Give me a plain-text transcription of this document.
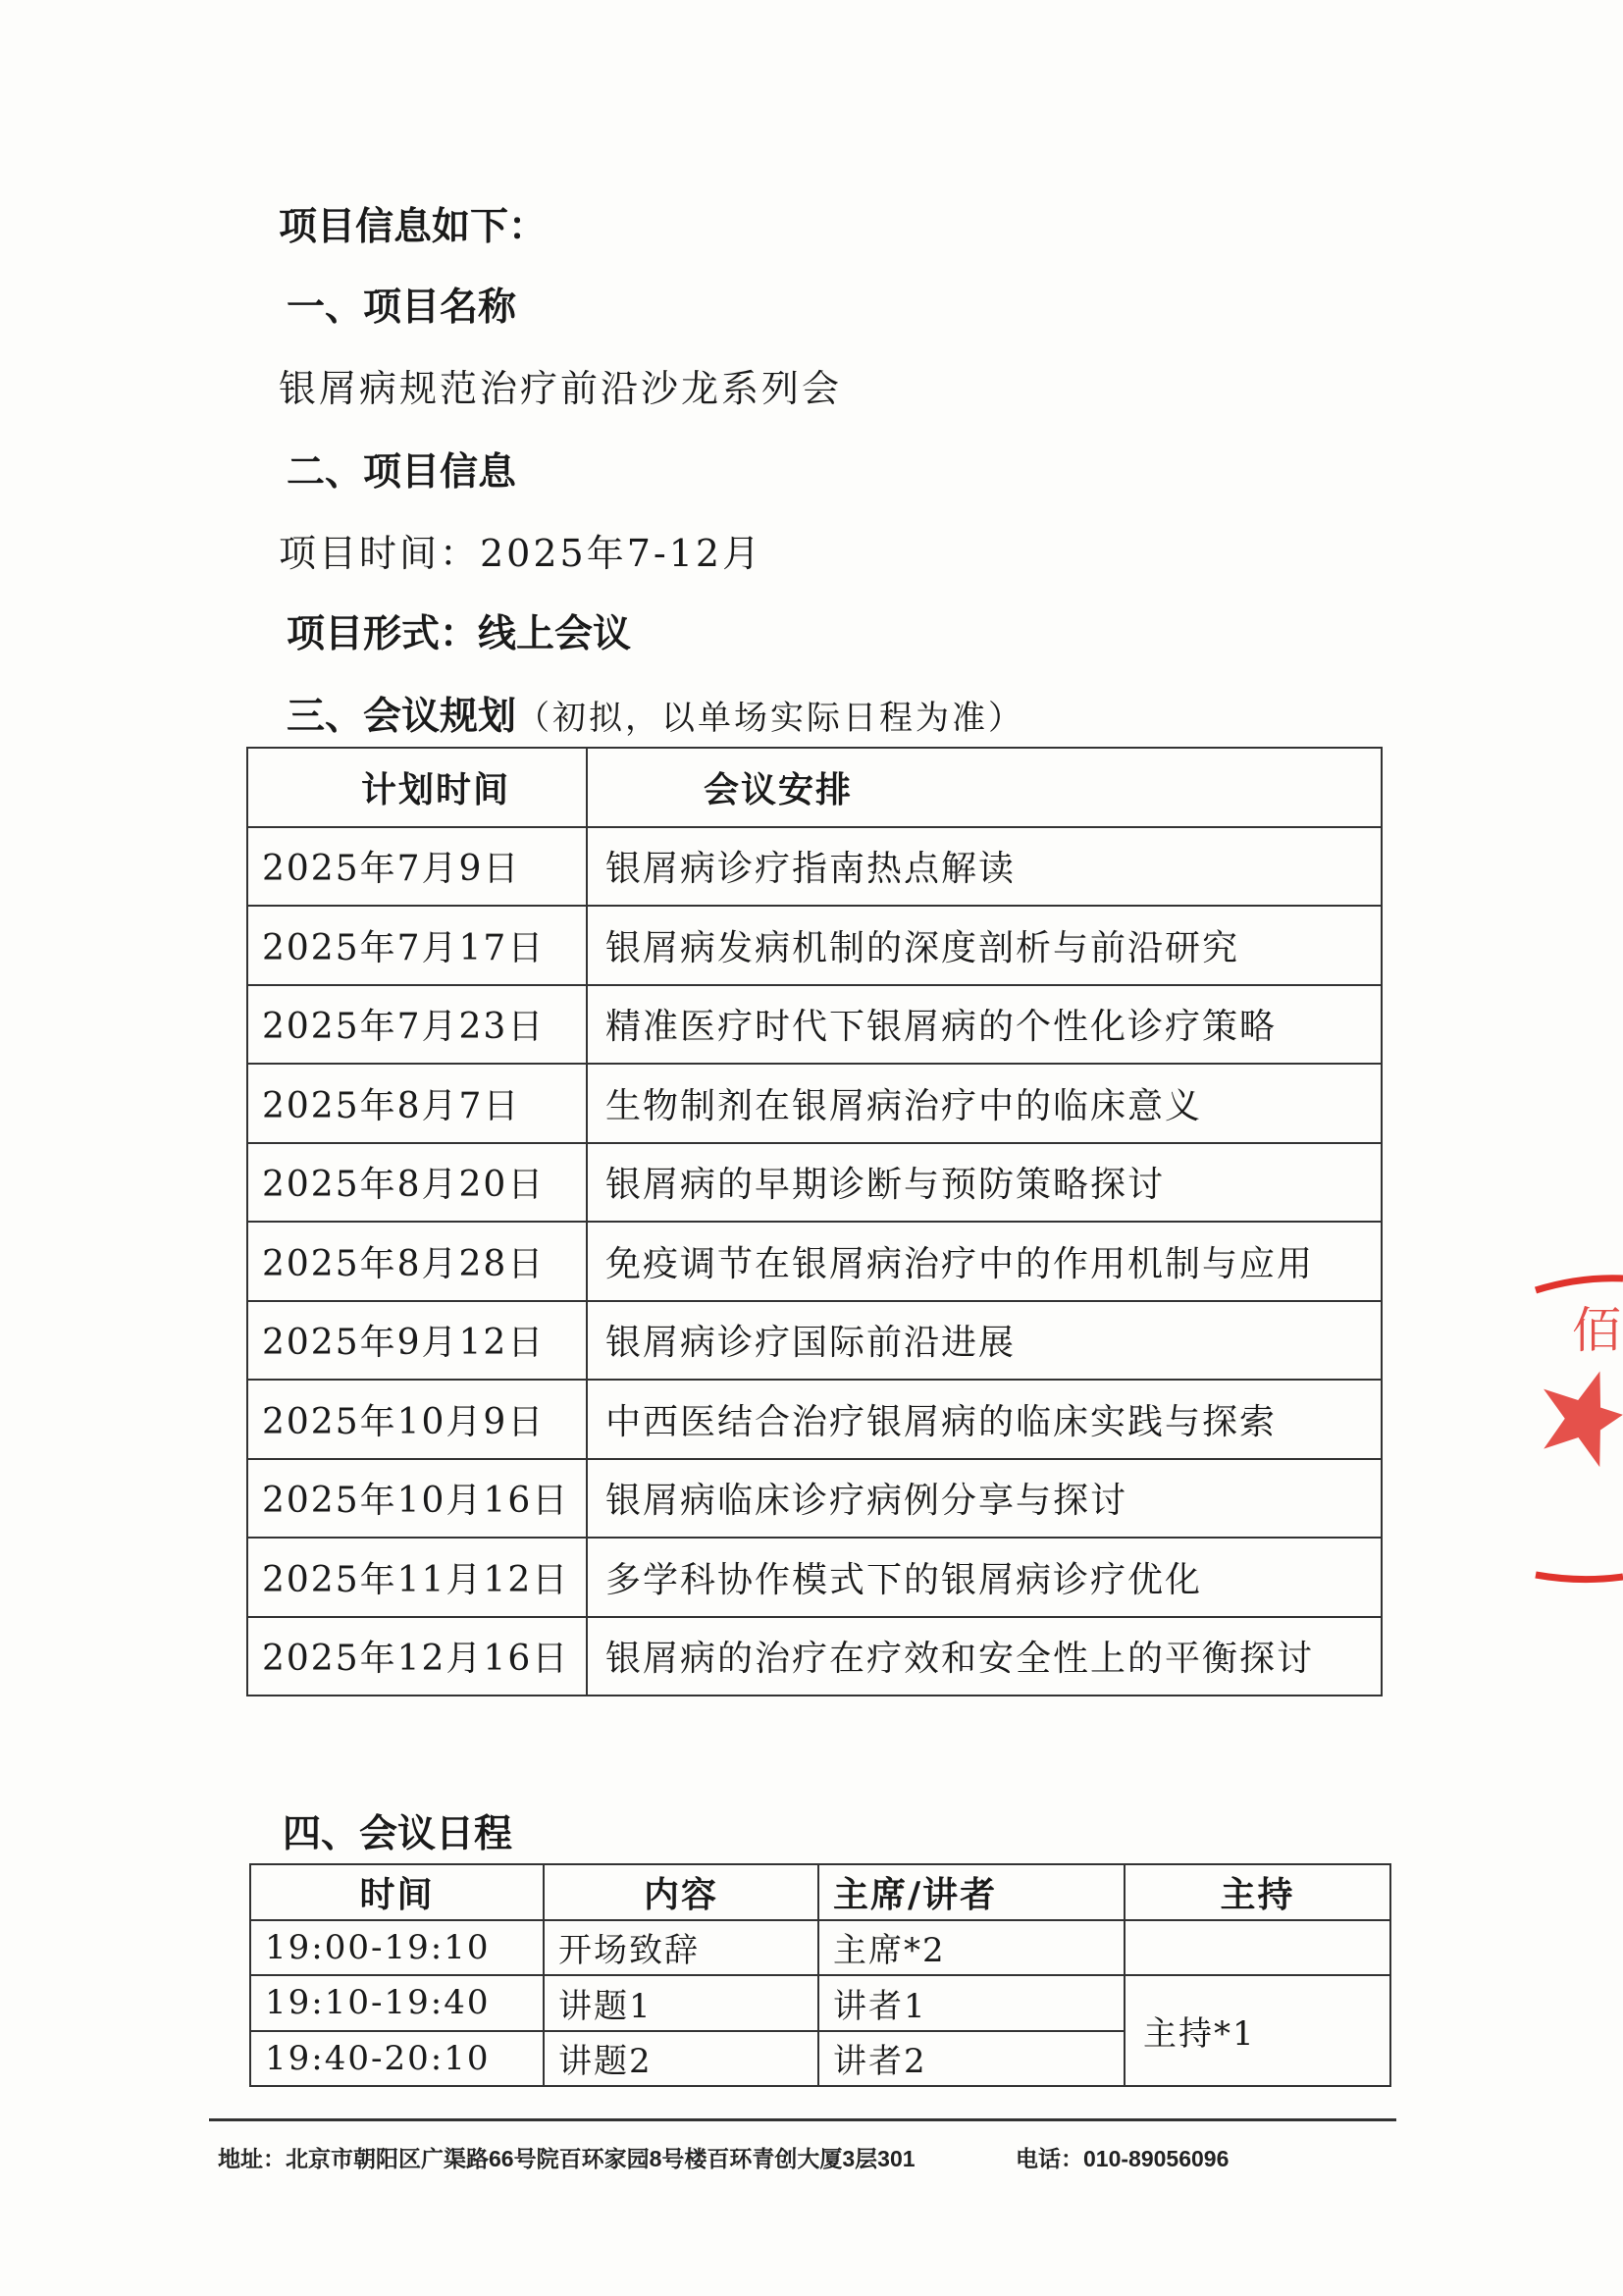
项目信息如下：
一、项目名称
银屑病规范治疗前沿沙龙系列会
二、项目信息
项目时间：2025年7-12月
项目形式：线上会议
三、会议规划（初拟，以单场实际日程为准）
计划时间	会议安排
2025年7月9日	银屑病诊疗指南热点解读
2025年7月17日	银屑病发病机制的深度剖析与前沿研究
2025年7月23日	精准医疗时代下银屑病的个性化诊疗策略
2025年8月7日	生物制剂在银屑病治疗中的临床意义
2025年8月20日	银屑病的早期诊断与预防策略探讨
2025年8月28日	免疫调节在银屑病治疗中的作用机制与应用
2025年9月12日	银屑病诊疗国际前沿进展
2025年10月9日	中西医结合治疗银屑病的临床实践与探索
2025年10月16日	银屑病临床诊疗病例分享与探讨
2025年11月12日	多学科协作模式下的银屑病诊疗优化
2025年12月16日	银屑病的治疗在疗效和安全性上的平衡探讨
四、会议日程
时间	内容	主席/讲者	主持
19:00-19:10	开场致辞	主席*2	
19:10-19:40	讲题1	讲者1	主持*1
19:40-20:10	讲题2	讲者2	
地址：北京市朝阳区广渠路66号院百环家园8号楼百环青创大厦3层301	电话：010-89056096
佰
